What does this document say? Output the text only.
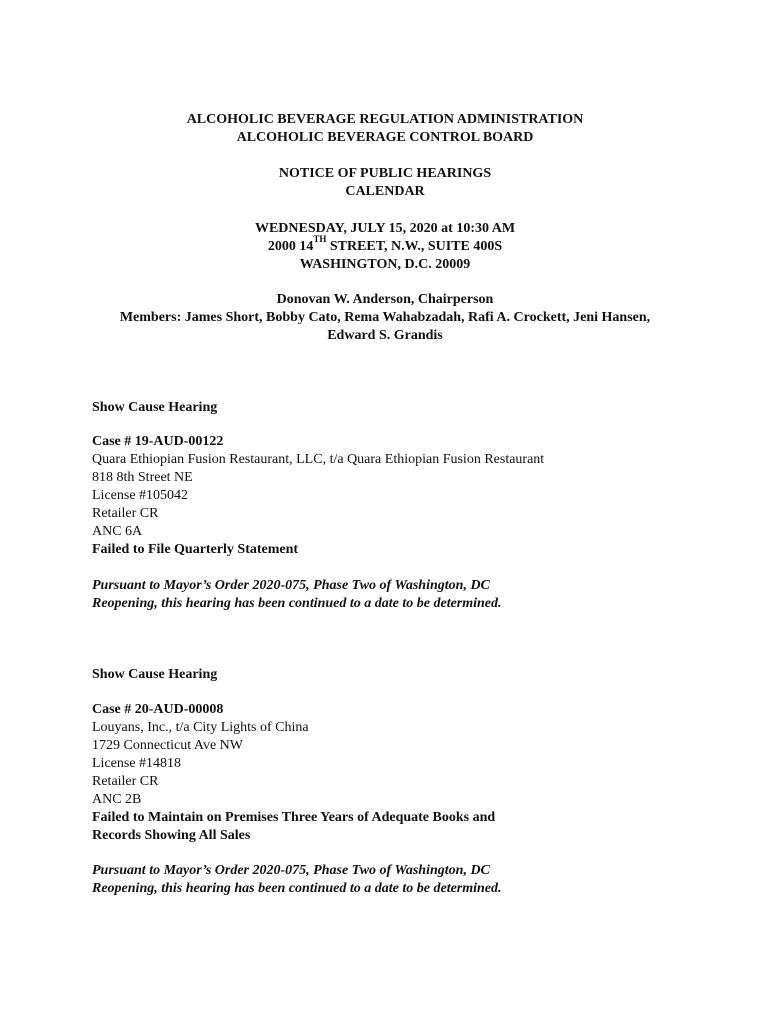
ALCOHOLIC BEVERAGE REGULATION ADMINISTRATION
ALCOHOLIC BEVERAGE CONTROL BOARD
NOTICE OF PUBLIC HEARINGS
CALENDAR
WEDNESDAY, JULY 15, 2020 at 10:30 AM
2000 14TH STREET, N.W., SUITE 400S
WASHINGTON, D.C. 20009
Donovan W. Anderson, Chairperson
Members: James Short, Bobby Cato, Rema Wahabzadah, Rafi A. Crockett, Jeni Hansen,
Edward S. Grandis
Show Cause Hearing
Case # 19-AUD-00122
Quara Ethiopian Fusion Restaurant, LLC, t/a Quara Ethiopian Fusion Restaurant
818 8th Street NE
License #105042
Retailer CR
ANC 6A
Failed to File Quarterly Statement
Pursuant to Mayor’s Order 2020-075, Phase Two of Washington, DC
Reopening, this hearing has been continued to a date to be determined.
Show Cause Hearing
Case # 20-AUD-00008
Louyans, Inc., t/a City Lights of China
1729 Connecticut Ave NW
License #14818
Retailer CR
ANC 2B
Failed to Maintain on Premises Three Years of Adequate Books and
Records Showing All Sales
Pursuant to Mayor’s Order 2020-075, Phase Two of Washington, DC
Reopening, this hearing has been continued to a date to be determined.
